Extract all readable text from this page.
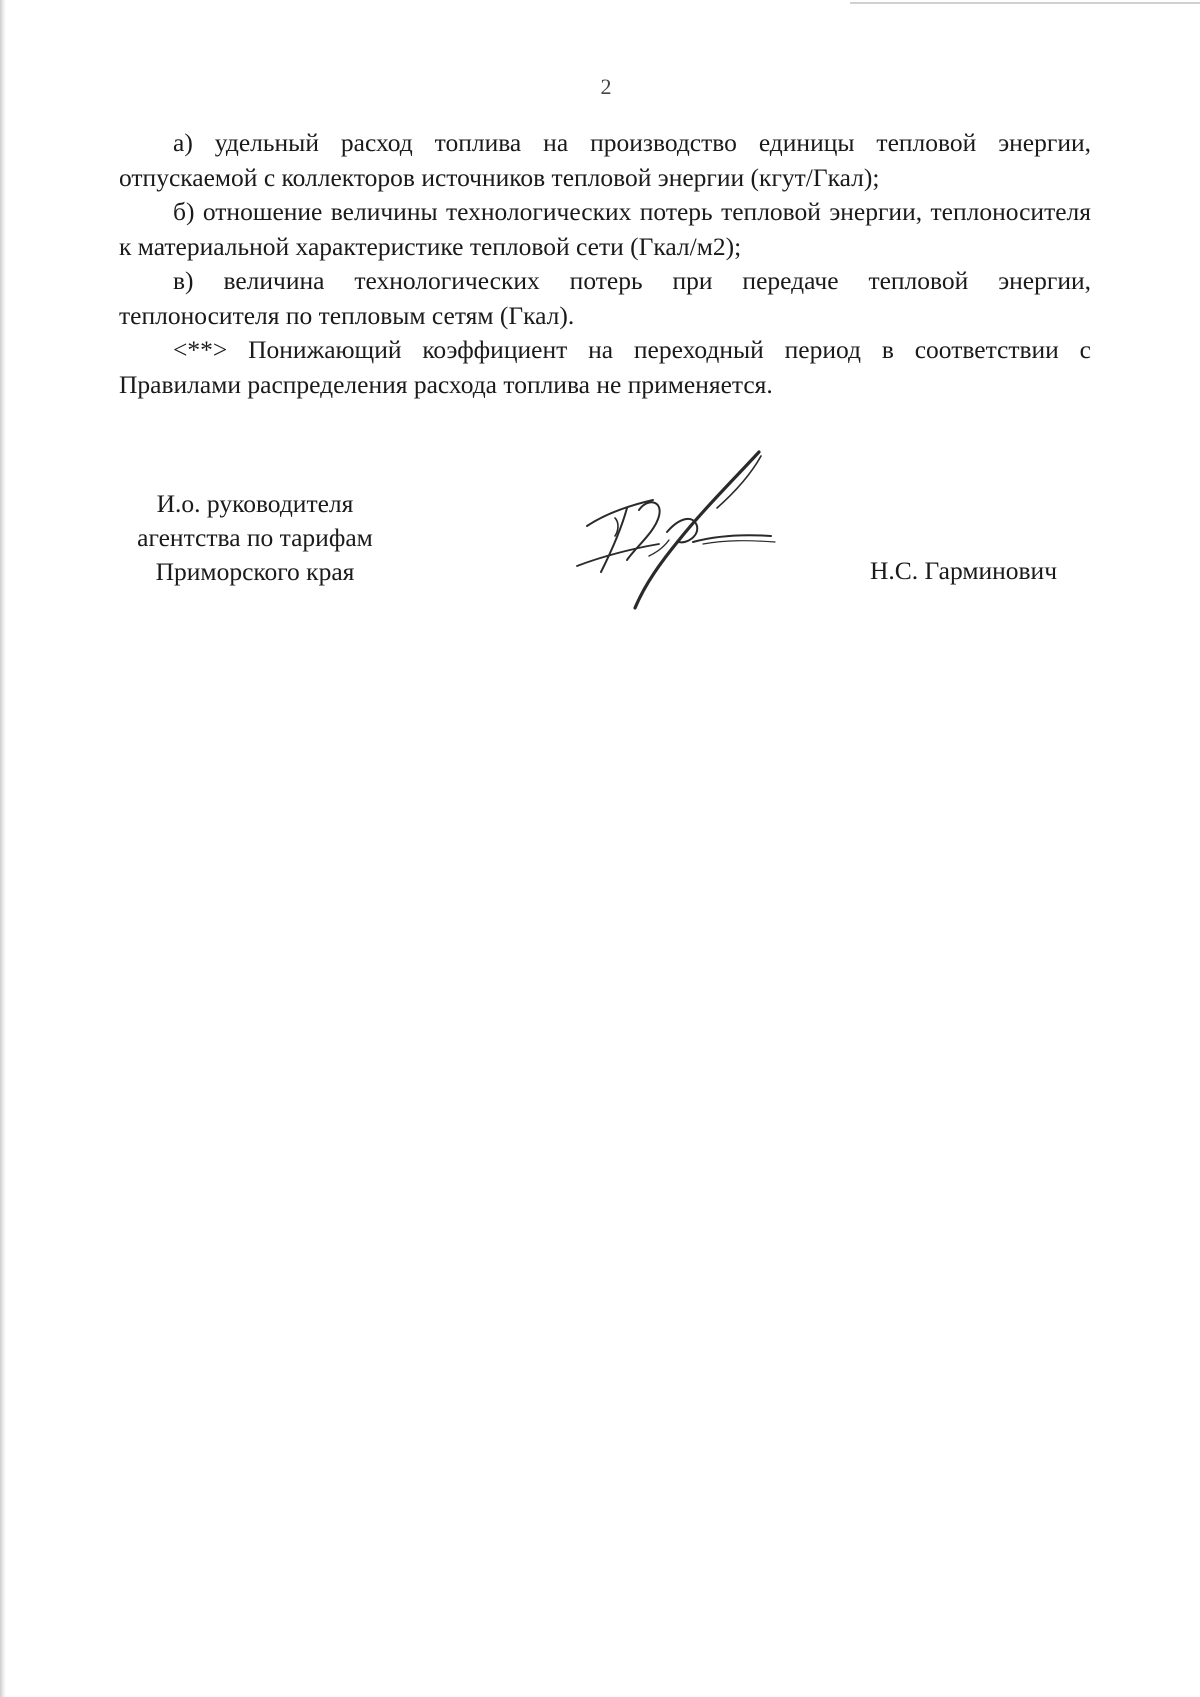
2

а) удельный расход топлива на производство единицы тепловой энергии, отпускаемой с коллекторов источников тепловой энергии (кгут/Гкал);

б) отношение величины технологических потерь тепловой энергии, теплоносителя к материальной характеристике тепловой сети (Гкал/м2);

в) величина технологических потерь при передаче тепловой энергии, теплоносителя по тепловым сетям (Гкал).

<**> Понижающий коэффициент на переходный период в соответствии с Правилами распределения расхода топлива не применяется.

И.о. руководителя
агентства по тарифам
Приморского края	Н.С. Гарминович
